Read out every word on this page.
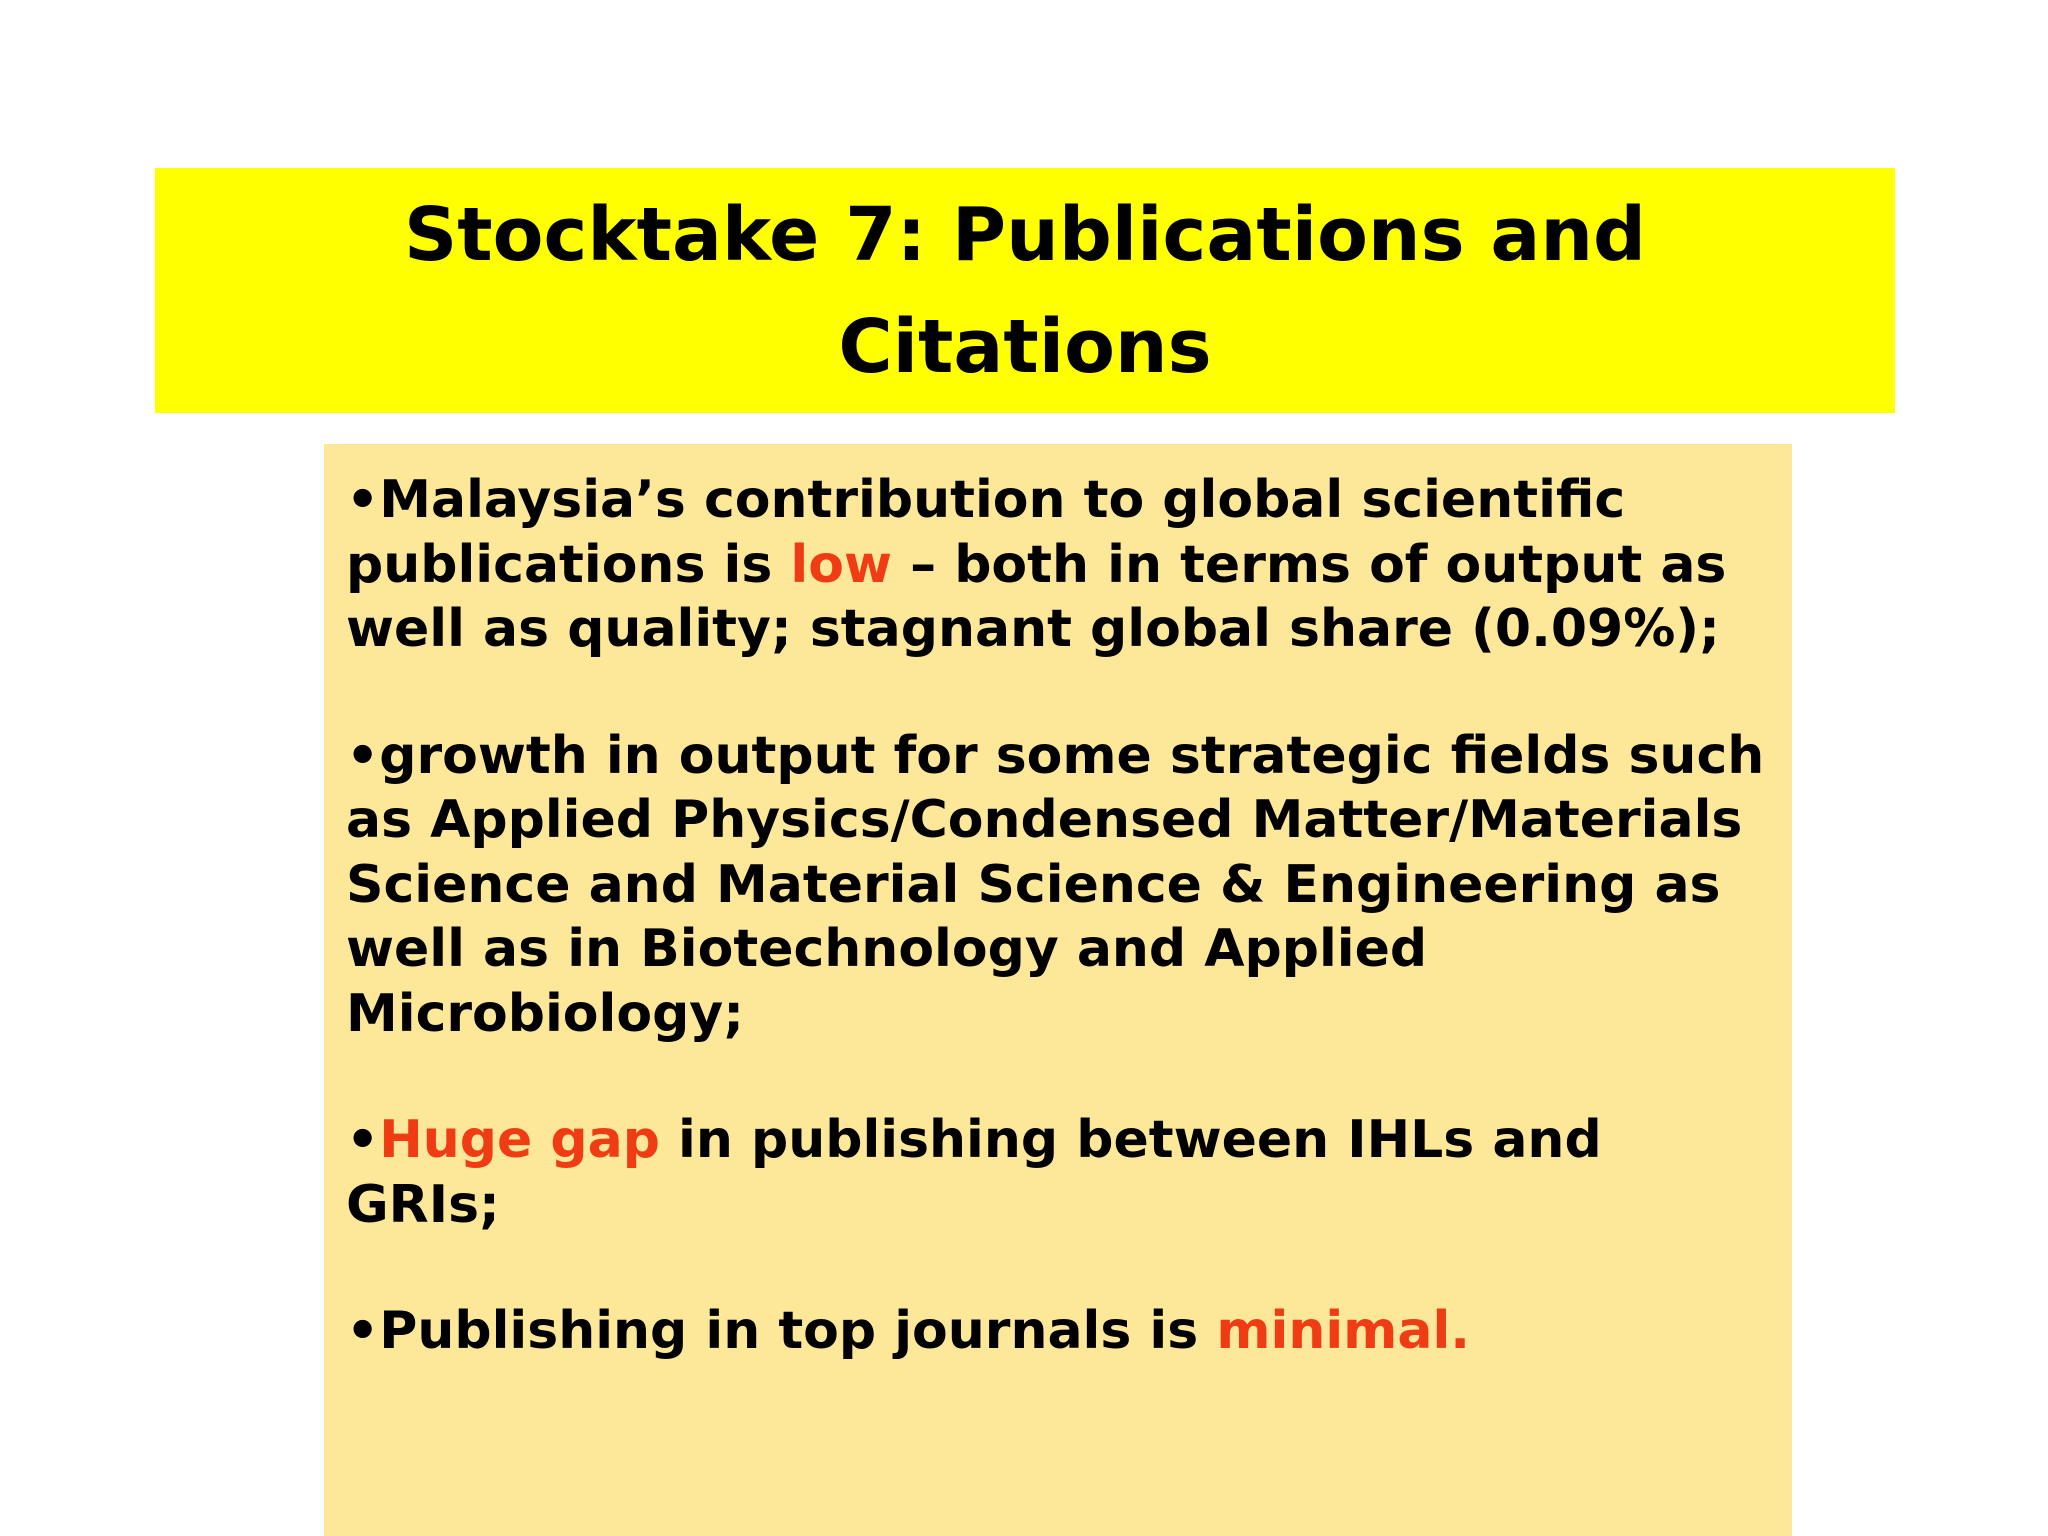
Stocktake 7: Publications and Citations

•Malaysia’s contribution to global scientific publications is low – both in terms of output as well as quality; stagnant global share (0.09%);

•growth in output for some strategic fields such as Applied Physics/Condensed Matter/Materials Science and Material Science & Engineering as well as in Biotechnology and Applied Microbiology;

•Huge gap in publishing between IHLs and GRIs;

•Publishing in top journals is minimal.
